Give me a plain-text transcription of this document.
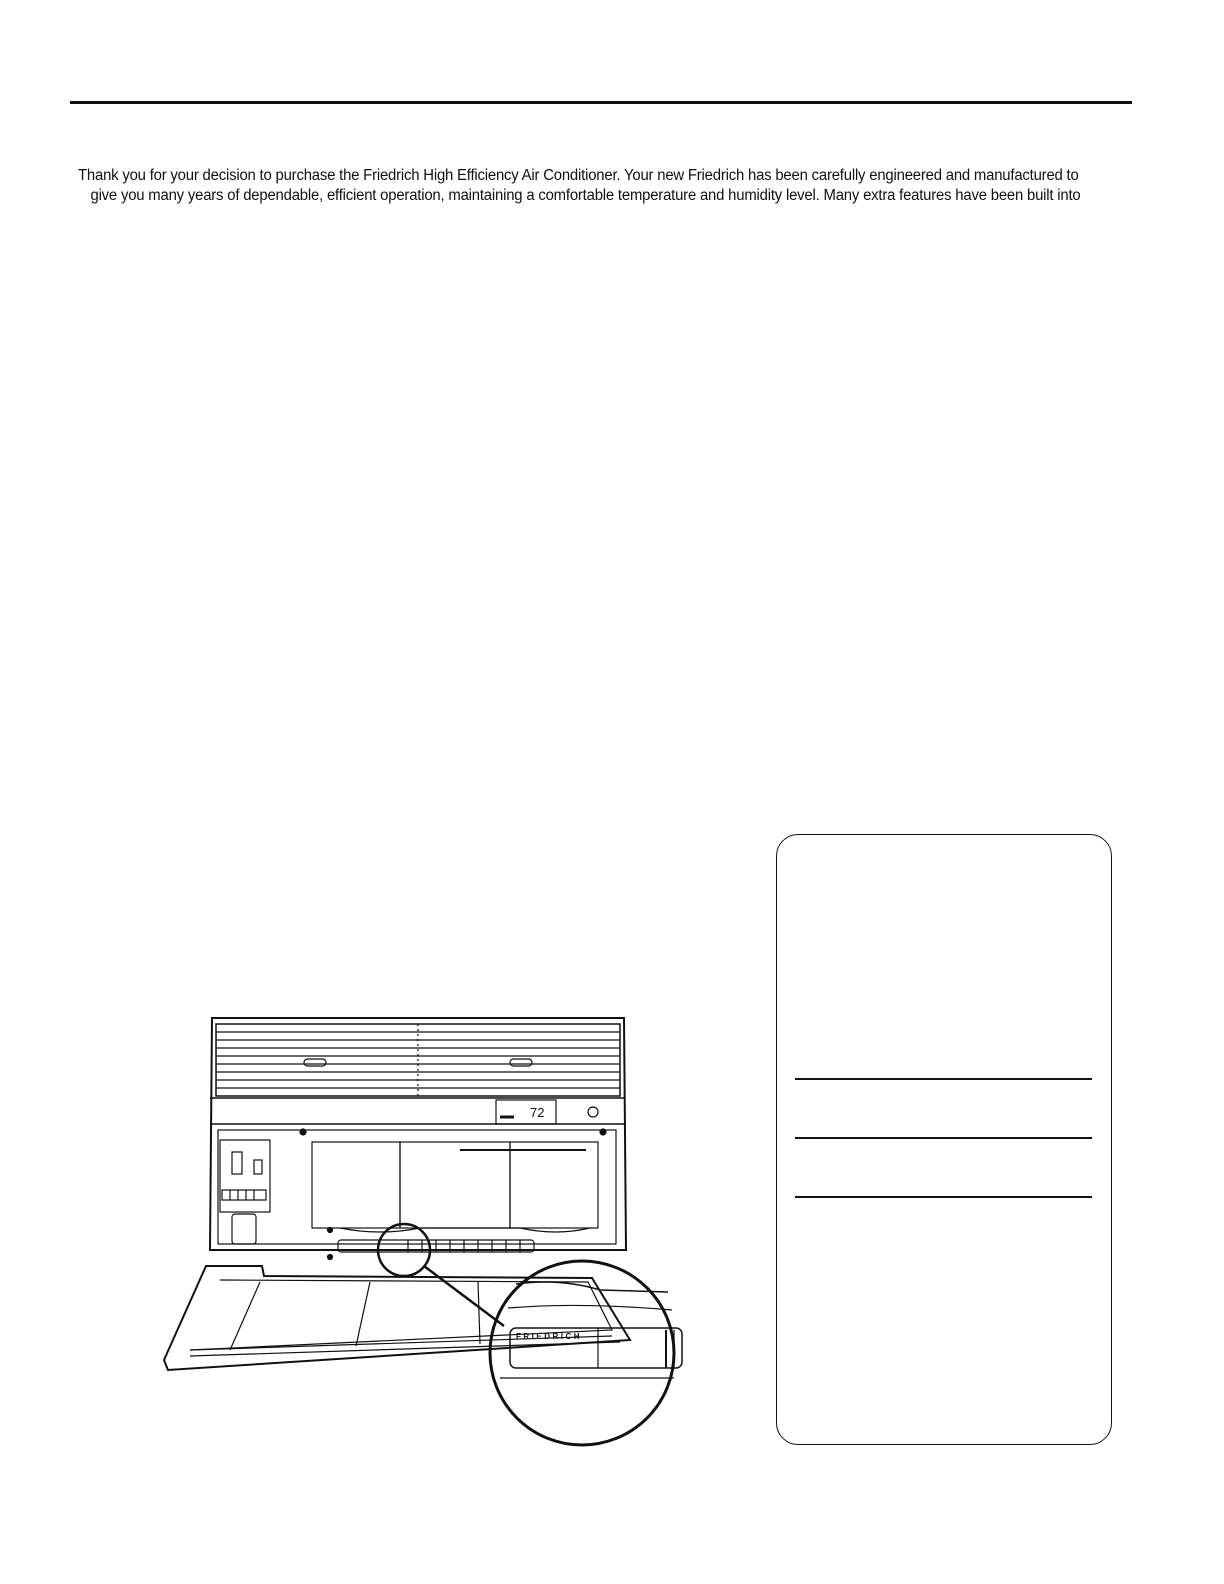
Thank you for your decision to purchase the Friedrich High Efficiency Air Conditioner. Your new Friedrich has been carefully engineered and manufactured to

give you many years of dependable, efficient operation, maintaining a comfortable temperature and humidity level. Many extra features have been built into

72
FRIEDRICH
